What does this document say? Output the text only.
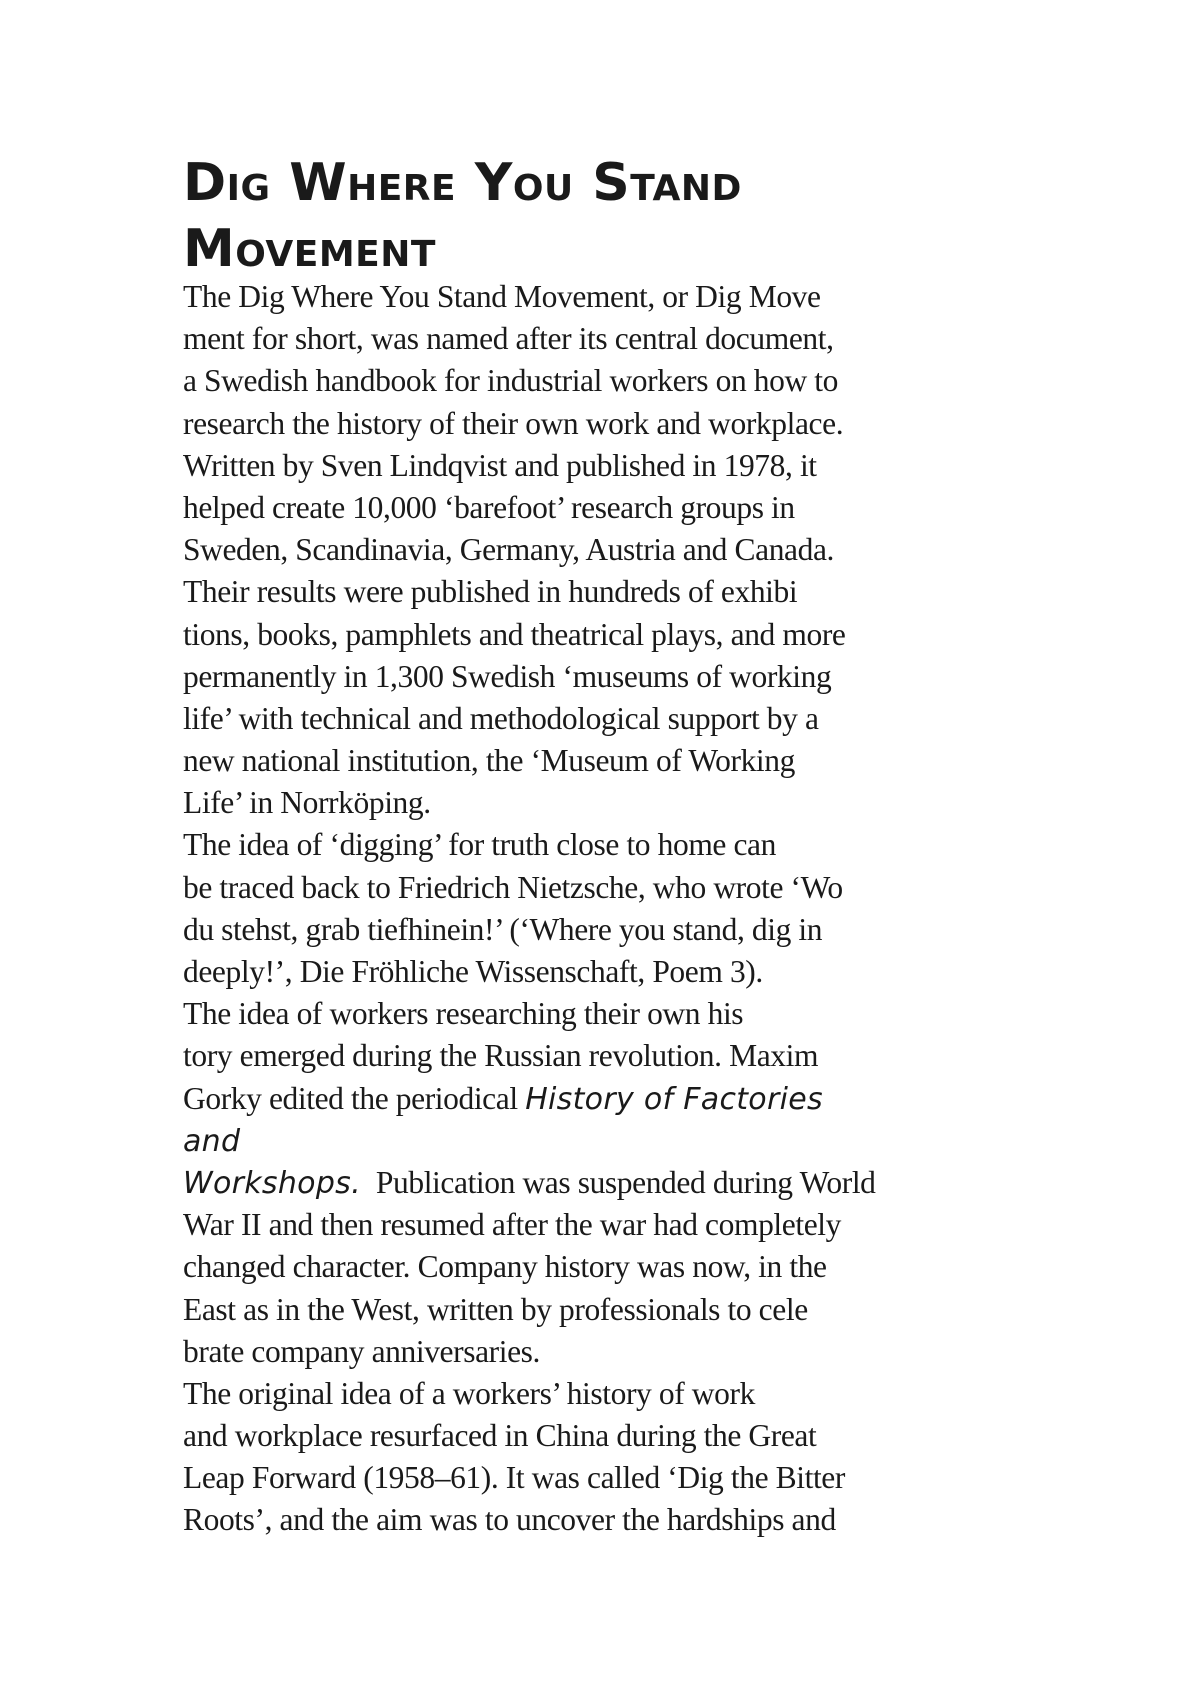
Dig Where You Stand
Movement
The Dig Where You Stand Movement, or Dig Move
ment for short, was named after its central document,
a Swedish handbook for industrial workers on how to
research the history of their own work and workplace.
Written by Sven Lindqvist and published in 1978, it
helped create 10,000 ‘barefoot’ research groups in
Sweden, Scandinavia, Germany, Austria and Canada.
Their results were published in hundreds of exhibi
tions, books, pamphlets and theatrical plays, and more
permanently in 1,300 Swedish ‘museums of working
life’ with technical and methodological support by a
new national institution, the ‘Museum of Working
Life’ in Norrköping.
The idea of ‘digging’ for truth close to home can
be traced back to Friedrich Nietzsche, who wrote ‘Wo
du stehst, grab tiefhinein!’ (‘Where you stand, dig in
deeply!’, Die Fröhliche Wissenschaft, Poem 3).
The idea of workers researching their own his
tory emerged during the Russian revolution. Maxim
Gorky edited the periodical History of Factories
and
Workshops.  Publication was suspended during World
War II and then resumed after the war had completely
changed character. Company history was now, in the
East as in the West, written by professionals to cele
brate company anniversaries.
The original idea of a workers’ history of work
and workplace resurfaced in China during the Great
Leap Forward (1958–61). It was called ‘Dig the Bitter
Roots’, and the aim was to uncover the hardships and
